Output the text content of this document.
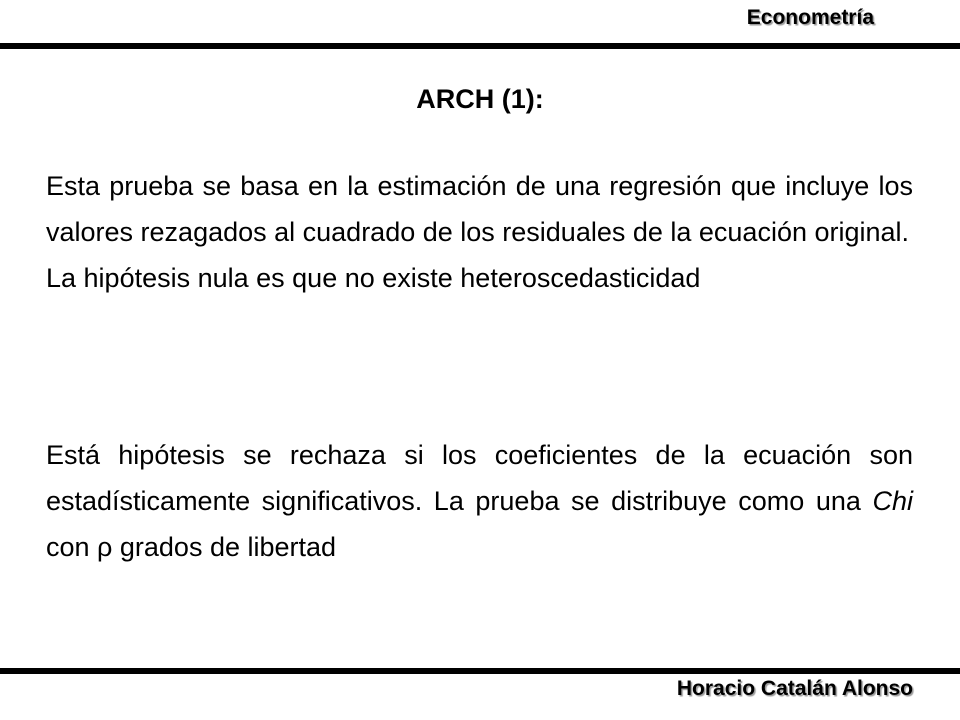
Econometría
ARCH (1):
Esta prueba se basa en la estimación de una regresión que incluye los valores rezagados al cuadrado de los residuales de la ecuación original.
La hipótesis nula es que no existe heteroscedasticidad
Está hipótesis se rechaza si los coeficientes de la ecuación son estadísticamente significativos. La prueba se distribuye como una Chi con ρ grados de libertad
Horacio Catalán Alonso
